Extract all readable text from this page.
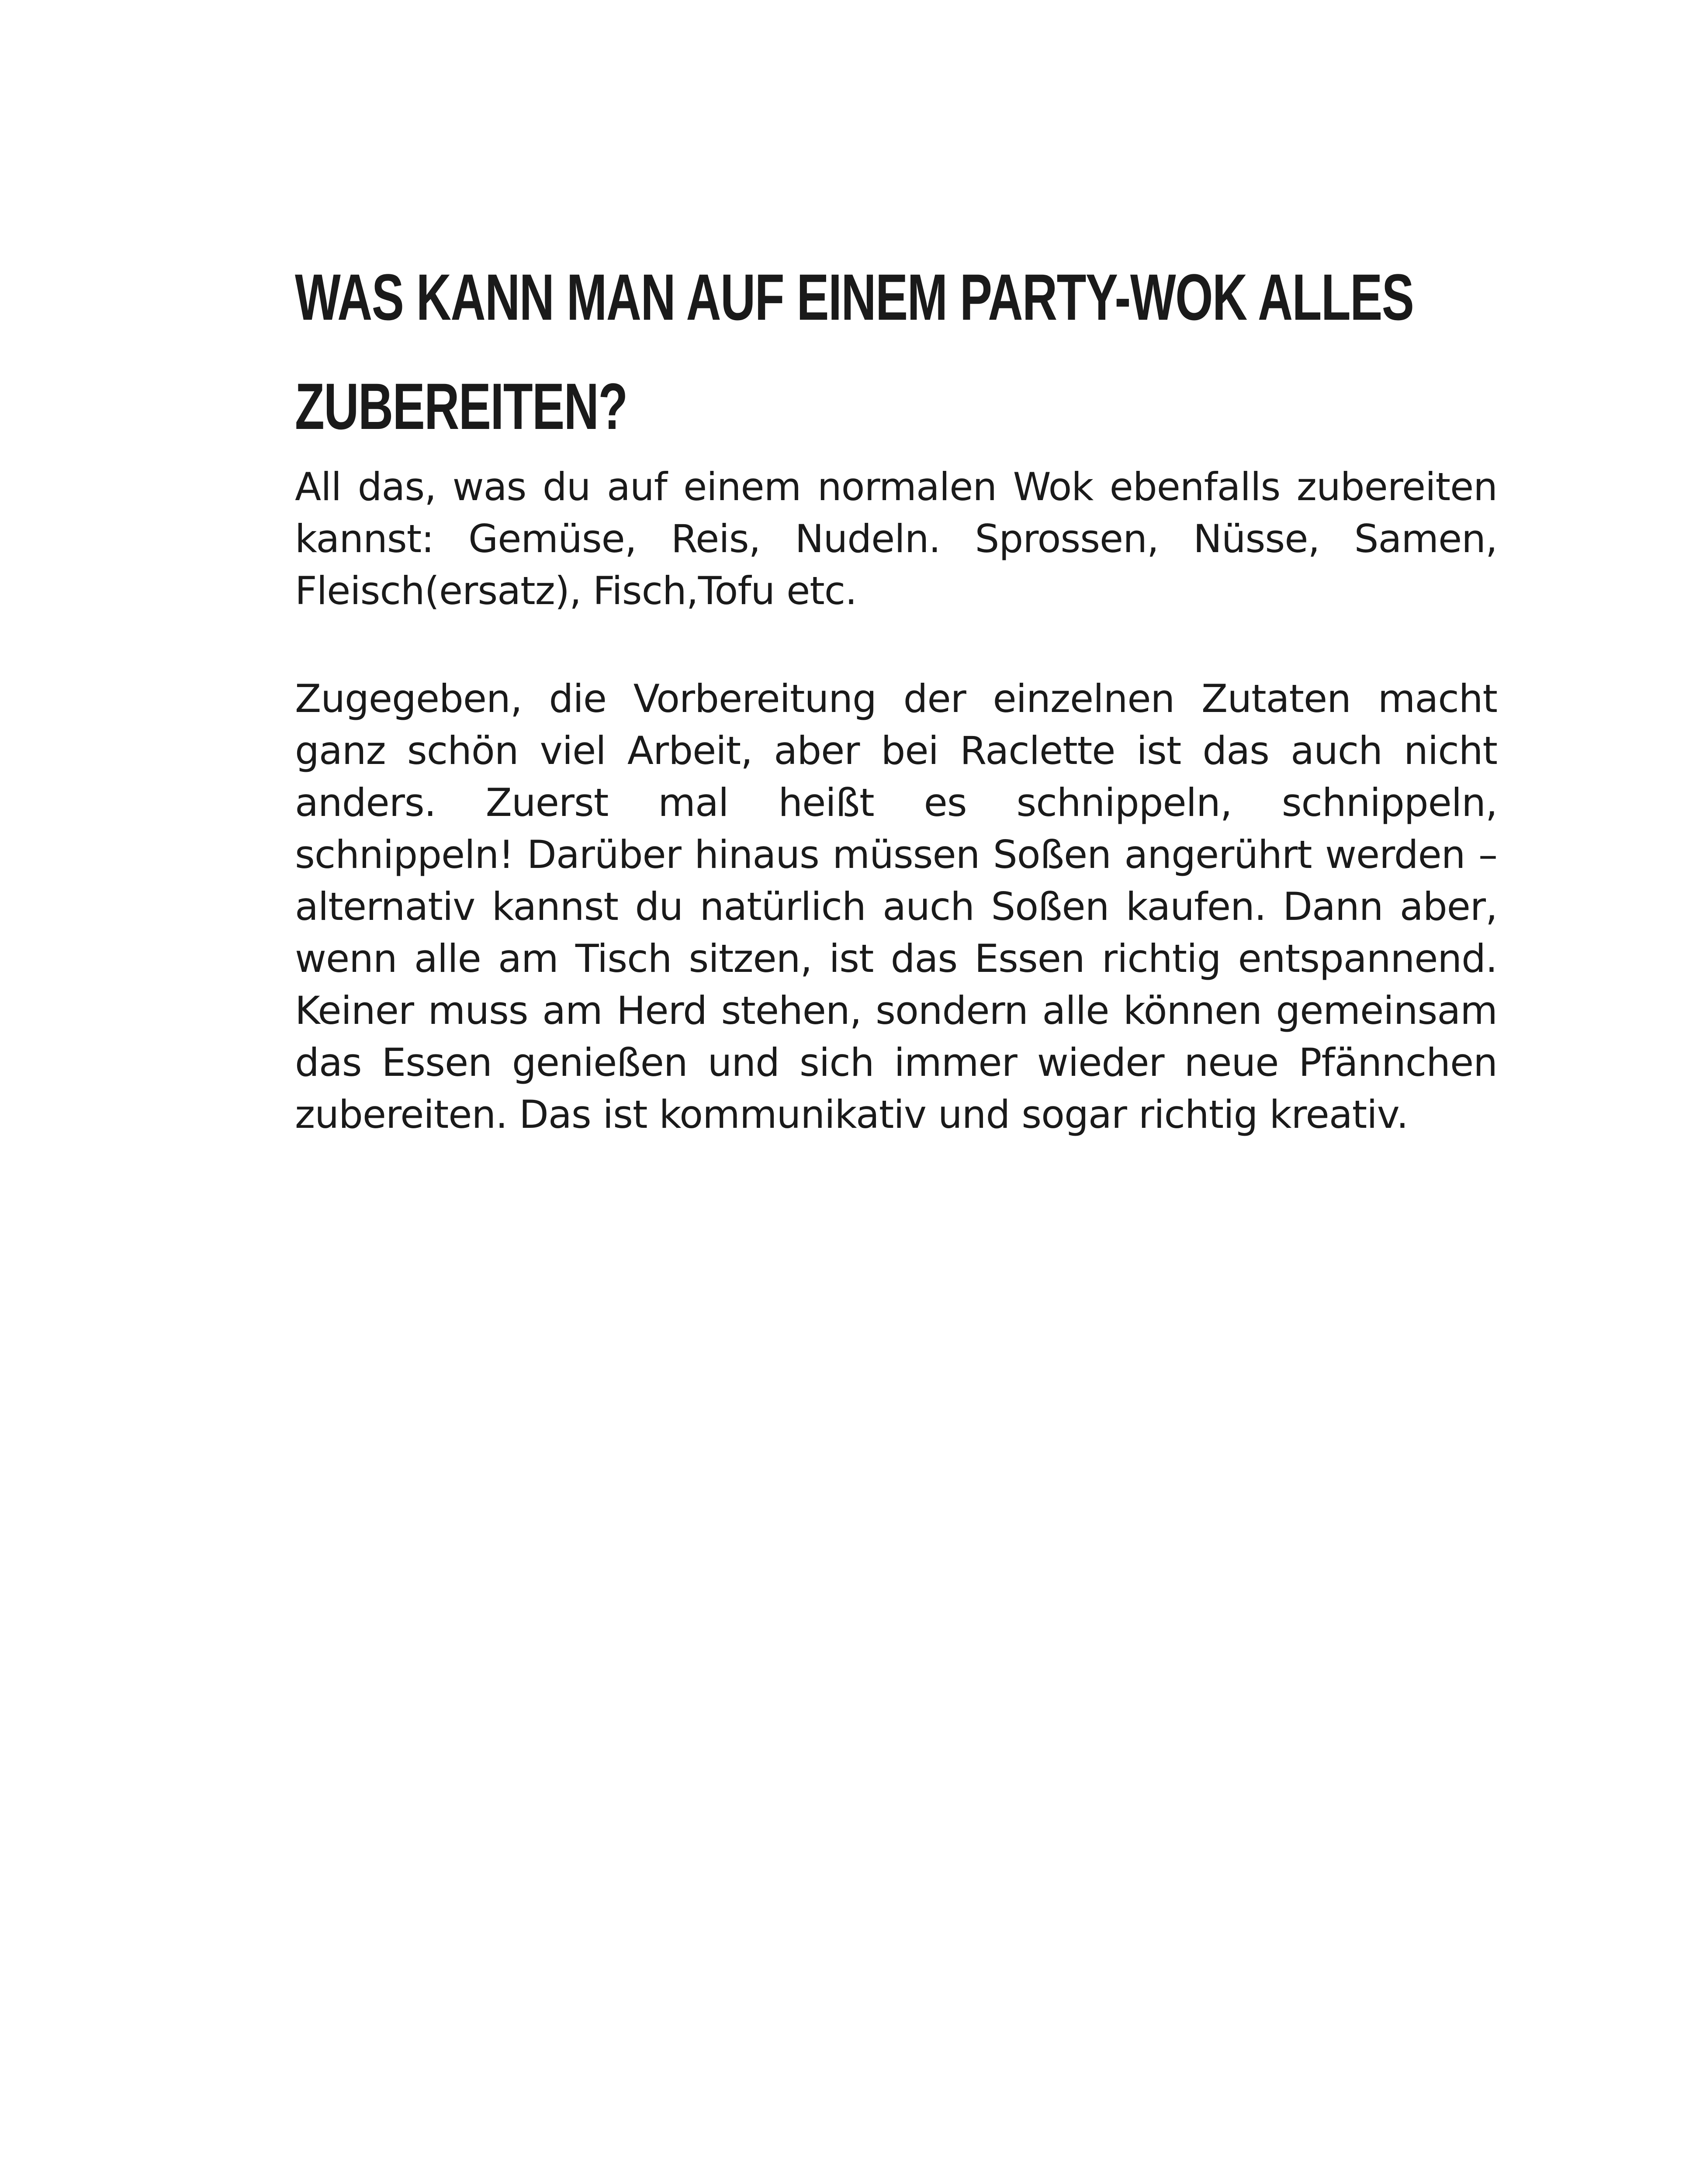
WAS KANN MAN AUF EINEM PARTY-WOK ALLES ZUBEREITEN?

All das, was du auf einem normalen Wok ebenfalls zubereiten kannst: Gemüse, Reis, Nudeln. Sprossen, Nüsse, Samen, Fleisch(ersatz), Fisch,Tofu etc.

Zugegeben, die Vorbereitung der einzelnen Zutaten macht ganz schön viel Arbeit, aber bei Raclette ist das auch nicht anders. Zuerst mal heißt es schnippeln, schnippeln, schnippeln! Darüber hinaus müssen Soßen angerührt werden – alternativ kannst du natürlich auch Soßen kaufen. Dann aber, wenn alle am Tisch sitzen, ist das Essen richtig entspannend. Keiner muss am Herd stehen, sondern alle können gemeinsam das Essen genießen und sich immer wieder neue Pfännchen zubereiten. Das ist kommunikativ und sogar richtig kreativ.
